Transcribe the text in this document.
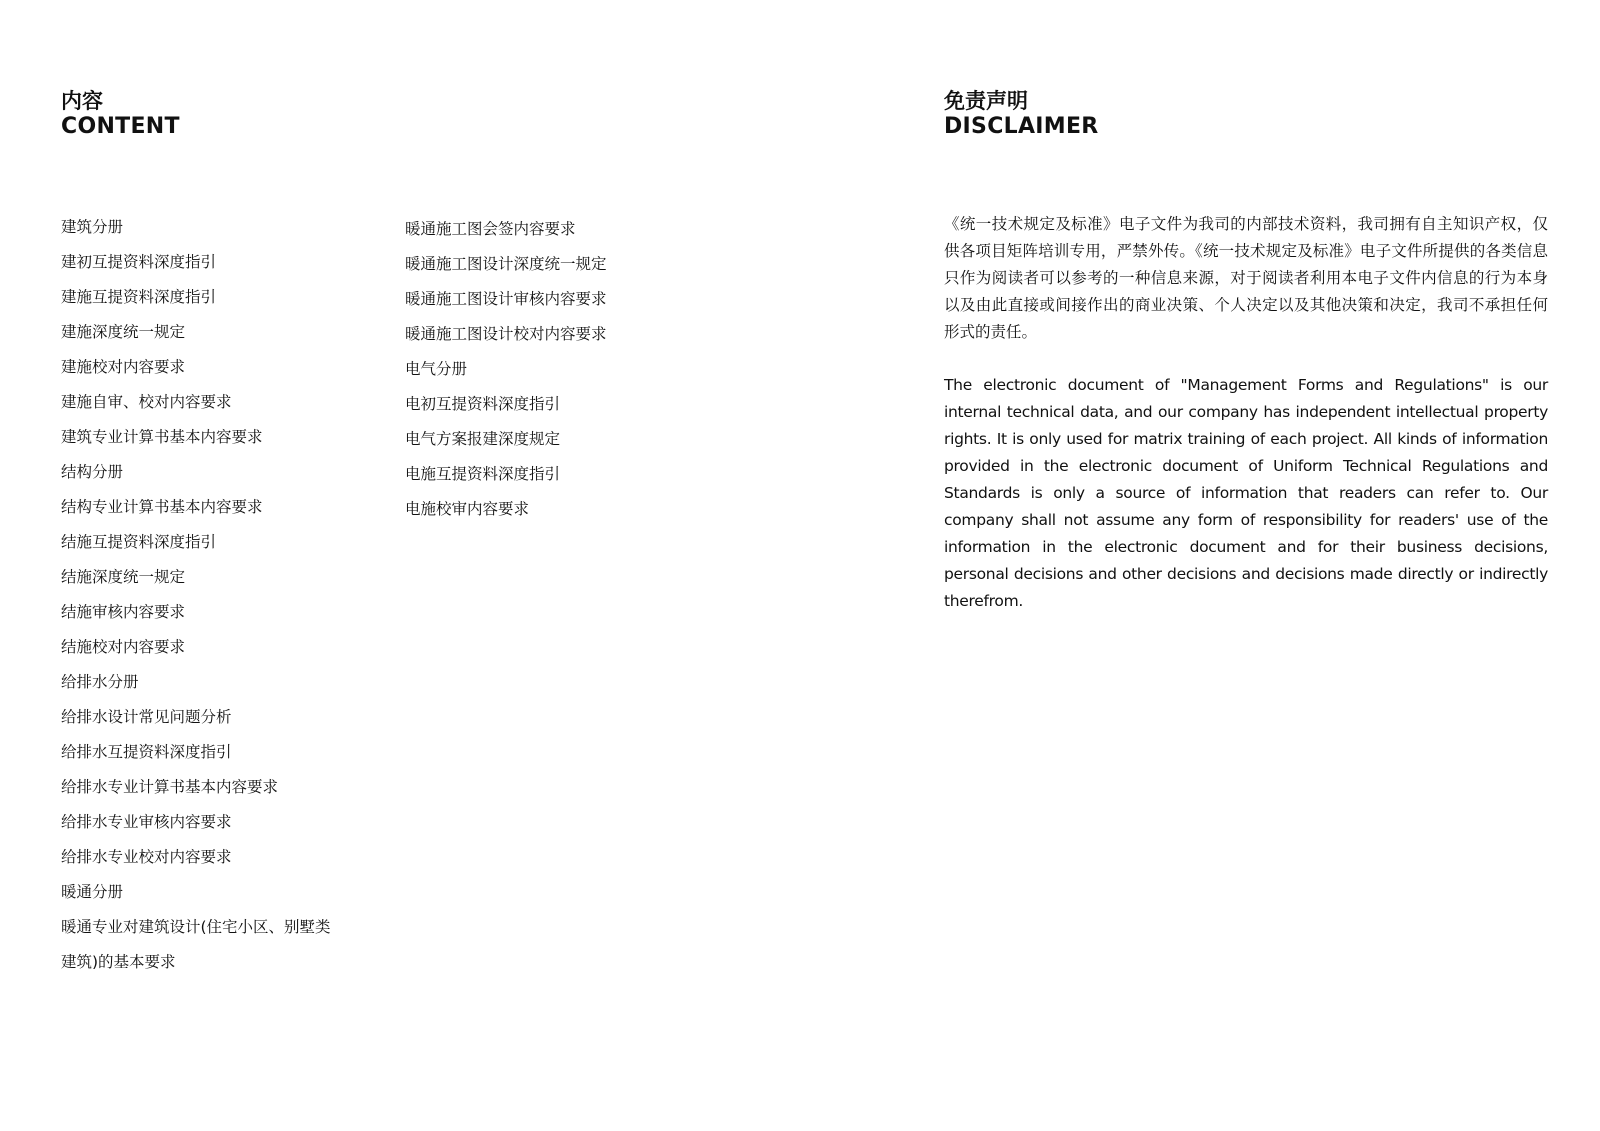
内容
CONTENT
建筑分册
建初互提资料深度指引
建施互提资料深度指引
建施深度统一规定
建施校对内容要求
建施自审、校对内容要求
建筑专业计算书基本内容要求
结构分册
结构专业计算书基本内容要求
结施互提资料深度指引
结施深度统一规定
结施审核内容要求
结施校对内容要求
给排水分册
给排水设计常见问题分析
给排水互提资料深度指引
给排水专业计算书基本内容要求
给排水专业审核内容要求
给排水专业校对内容要求
暖通分册
暖通专业对建筑设计(住宅小区、别墅类
建筑)的基本要求
暖通施工图会签内容要求
暖通施工图设计深度统一规定
暖通施工图设计审核内容要求
暖通施工图设计校对内容要求
电气分册
电初互提资料深度指引
电气方案报建深度规定
电施互提资料深度指引
电施校审内容要求
免责声明
DISCLAIMER

《统一技术规定及标准》电子文件为我司的内部技术资料，我司拥有自主知识产权，仅供各项目矩阵培训专用，严禁外传。《统一技术规定及标准》电子文件所提供的各类信息只作为阅读者可以参考的一种信息来源，对于阅读者利用本电子文件内信息的行为本身以及由此直接或间接作出的商业决策、个人决定以及其他决策和决定，我司不承担任何形式的责任。

The electronic document of "Management Forms and Regulations" is our internal technical data, and our company has independent intellectual property rights. It is only used for matrix training of each project. All kinds of information provided in the electronic document of Uniform Technical Regulations and Standards is only a source of information that readers can refer to. Our company shall not assume any form of responsibility for readers' use of the information in the electronic document and for their business decisions, personal decisions and other decisions and decisions made directly or indirectly therefrom.
